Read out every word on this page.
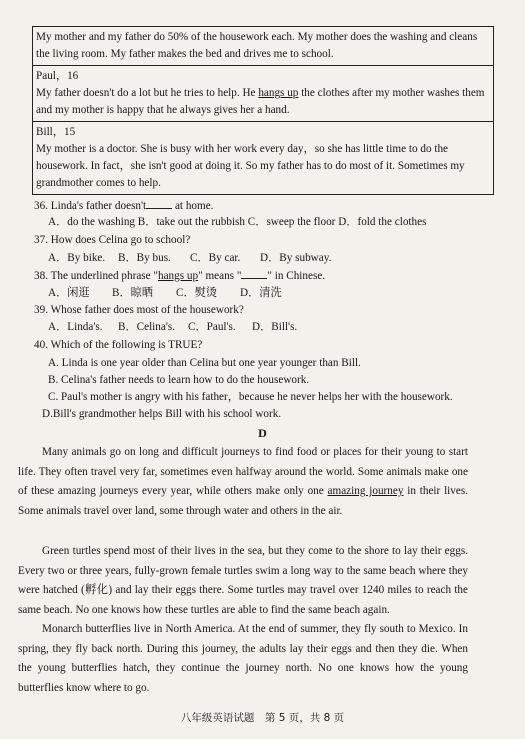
My mother and my father do 50% of the housework each. My mother does the washing and cleans the living room. My father makes the bed and drives me to school.
Paul，16
My father doesn't do a lot but he tries to help. He hangs up the clothes after my mother washes them and my mother is happy that he always gives her a hand.
Bill，15
My mother is a doctor. She is busy with her work every day，so she has little time to do the housework. In fact，she isn't good at doing it. So my father has to do most of it. Sometimes my grandmother comes to help.
36. Linda's father doesn't at home.
A．do the washing B．take out the rubbish C．sweep the floor D．fold the clothes
37. How does Celina go to school?
A．By bike. B．By bus. C．By car. D．By subway.
38. The underlined phrase "hangs up" means " " in Chinese.
A．闲逛 B．晾晒 C．熨烫 D．清洗
39. Whose father does most of the housework?
A．Linda's. B．Celina's. C．Paul's. D．Bill's.
40. Which of the following is TRUE?
A. Linda is one year older than Celina but one year younger than Bill.
B. Celina's father needs to learn how to do the housework.
C. Paul's mother is angry with his father，because he never helps her with the housework.
D.Bill's grandmother helps Bill with his school work.
D
Many animals go on long and difficult journeys to find food or places for their young to start life. They often travel very far, sometimes even halfway around the world. Some animals make one of these amazing journeys every year, while others make only one amazing journey in their lives. Some animals travel over land, some through water and others in the air.
Green turtles spend most of their lives in the sea, but they come to the shore to lay their eggs. Every two or three years, fully-grown female turtles swim a long way to the same beach where they were hatched (孵化) and lay their eggs there. Some turtles may travel over 1240 miles to reach the same beach. No one knows how these turtles are able to find the same beach again.
Monarch butterflies live in North America. At the end of summer, they fly south to Mexico. In spring, they fly back north. During this journey, the adults lay their eggs and then they die. When the young butterflies hatch, they continue the journey north. No one knows how the young butterflies know where to go.
八年级英语试题　第 5 页，共 8 页
